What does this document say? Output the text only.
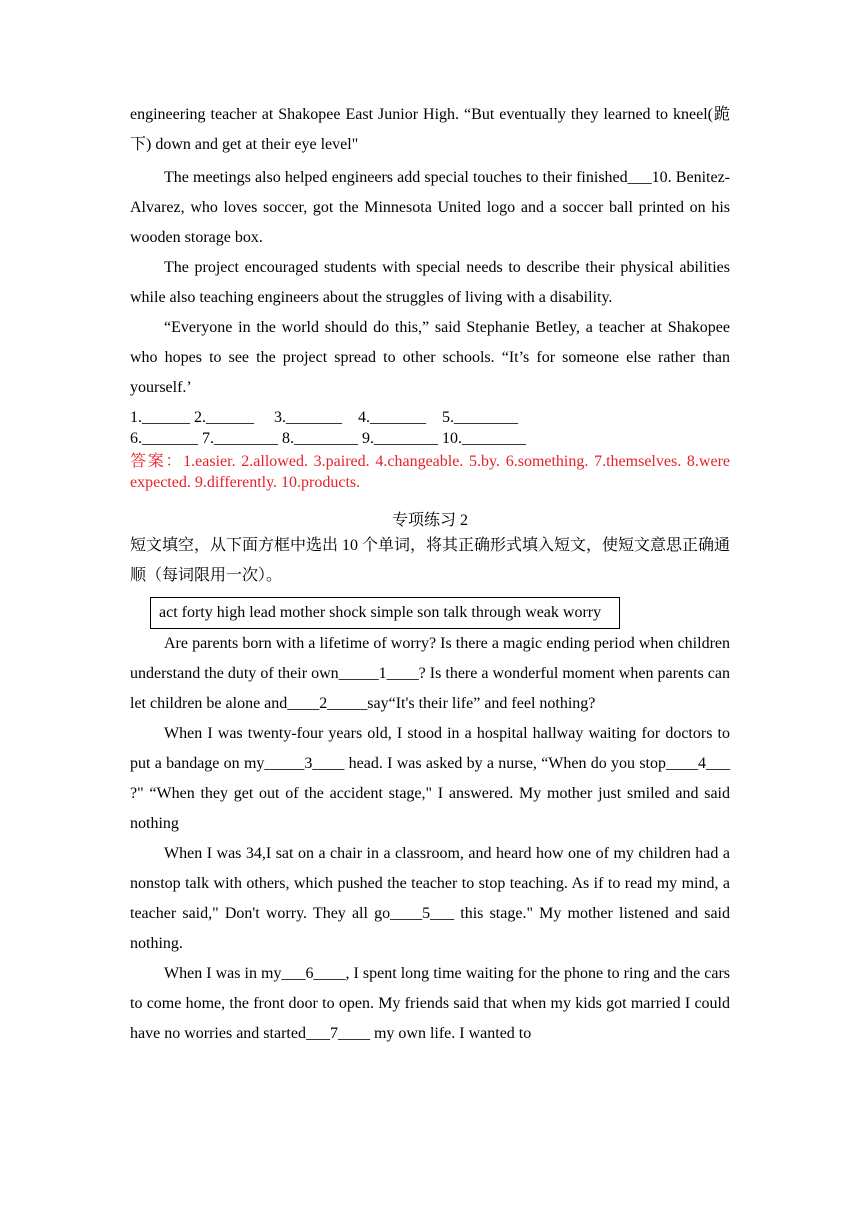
engineering teacher at Shakopee East Junior High. “But eventually they learned to kneel(跪下) down and get at their eye level"

The meetings also helped engineers add special touches to their finished___10. Benitez-Alvarez, who loves soccer, got the Minnesota United logo and a soccer ball printed on his wooden storage box.

The project encouraged students with special needs to describe their physical abilities while also teaching engineers about the struggles of living with a disability.

“Everyone in the world should do this,” said Stephanie Betley, a teacher at Shakopee who hopes to see the project spread to other schools. “It’s for someone else rather than yourself.’

1.______ 2.______     3._______    4._______    5.________
6._______ 7.________ 8.________ 9.________ 10.________
答案：1.easier. 2.allowed. 3.paired. 4.changeable. 5.by. 6.something. 7.themselves. 8.were expected. 9.differently. 10.products.
专项练习 2

短文填空，从下面方框中选出 10 个单词，将其正确形式填入短文，使短文意思正确通顺（每词限用一次）。

act forty high lead mother shock simple son talk through weak worry

Are parents born with a lifetime of worry? Is there a magic ending period when children understand the duty of their own_____1____? Is there a wonderful moment when parents can let children be alone and____2_____say“It's their life” and feel nothing?

When I was twenty-four years old, I stood in a hospital hallway waiting for doctors to put a bandage on my_____3____ head. I was asked by a nurse, “When do you stop____4___ ?" “When they get out of the accident stage," I answered. My mother just smiled and said nothing

When I was 34,I sat on a chair in a classroom, and heard how one of my children had a nonstop talk with others, which pushed the teacher to stop teaching. As if to read my mind, a teacher said," Don't worry. They all go____5___ this stage." My mother listened and said nothing.

When I was in my___6____, I spent long time waiting for the phone to ring and the cars to come home, the front door to open. My friends said that when my kids got married I could have no worries and started___7____ my own life. I wanted to
